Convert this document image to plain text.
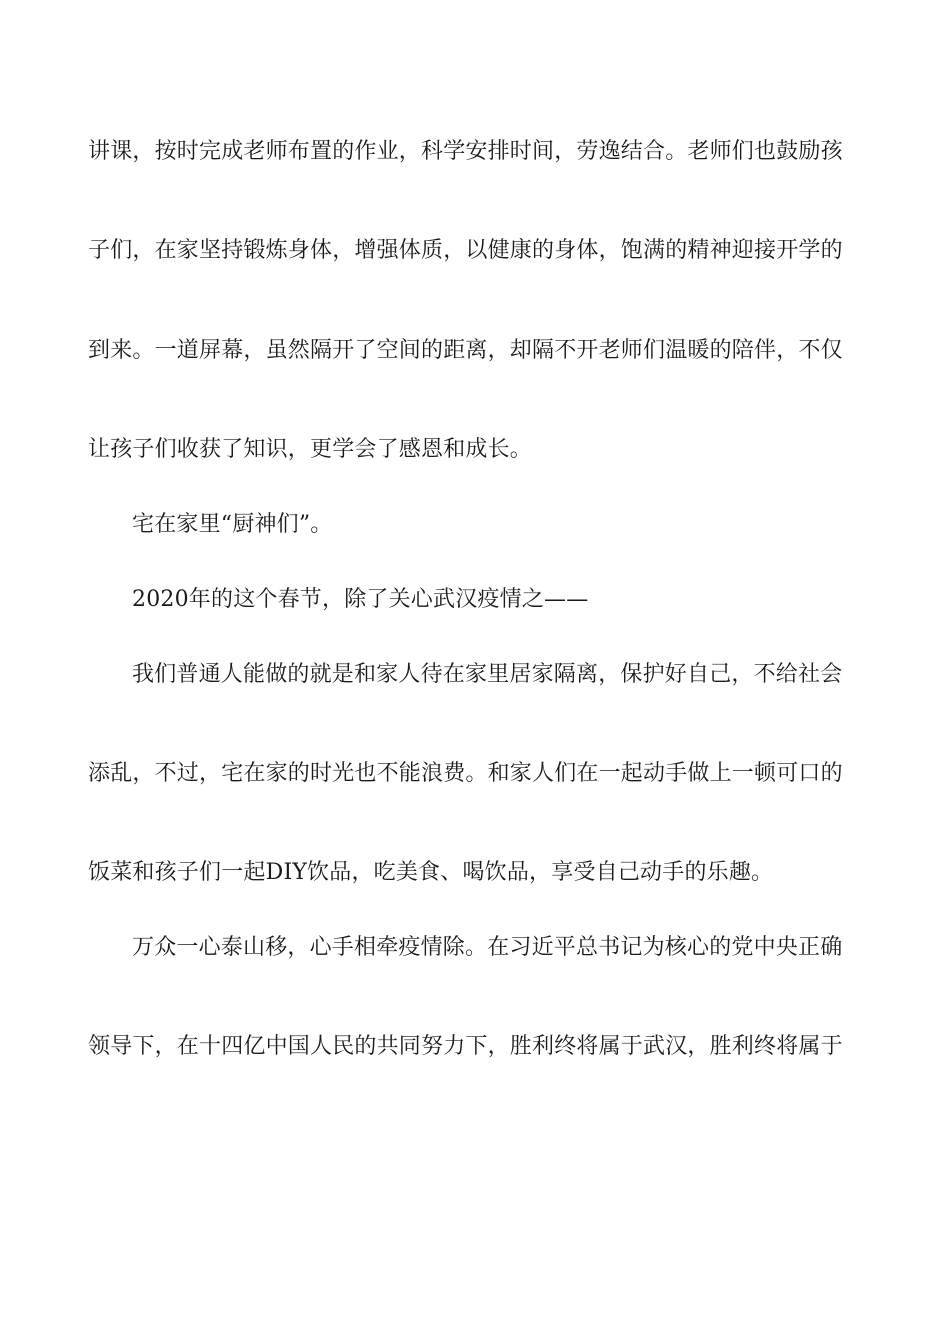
讲课，按时完成老师布置的作业，科学安排时间，劳逸结合。老师们也鼓励孩
子们，在家坚持锻炼身体，增强体质，以健康的身体，饱满的精神迎接开学的
到来。一道屏幕，虽然隔开了空间的距离，却隔不开老师们温暖的陪伴，不仅
让孩子们收获了知识，更学会了感恩和成长。
宅在家里“厨神们”。
2020年的这个春节，除了关心武汉疫情之——
我们普通人能做的就是和家人待在家里居家隔离，保护好自己，不给社会
添乱，不过，宅在家的时光也不能浪费。和家人们在一起动手做上一顿可口的
饭菜和孩子们一起DIY饮品，吃美食、喝饮品，享受自己动手的乐趣。
万众一心泰山移，心手相牵疫情除。在习近平总书记为核心的党中央正确
领导下，在十四亿中国人民的共同努力下，胜利终将属于武汉，胜利终将属于
